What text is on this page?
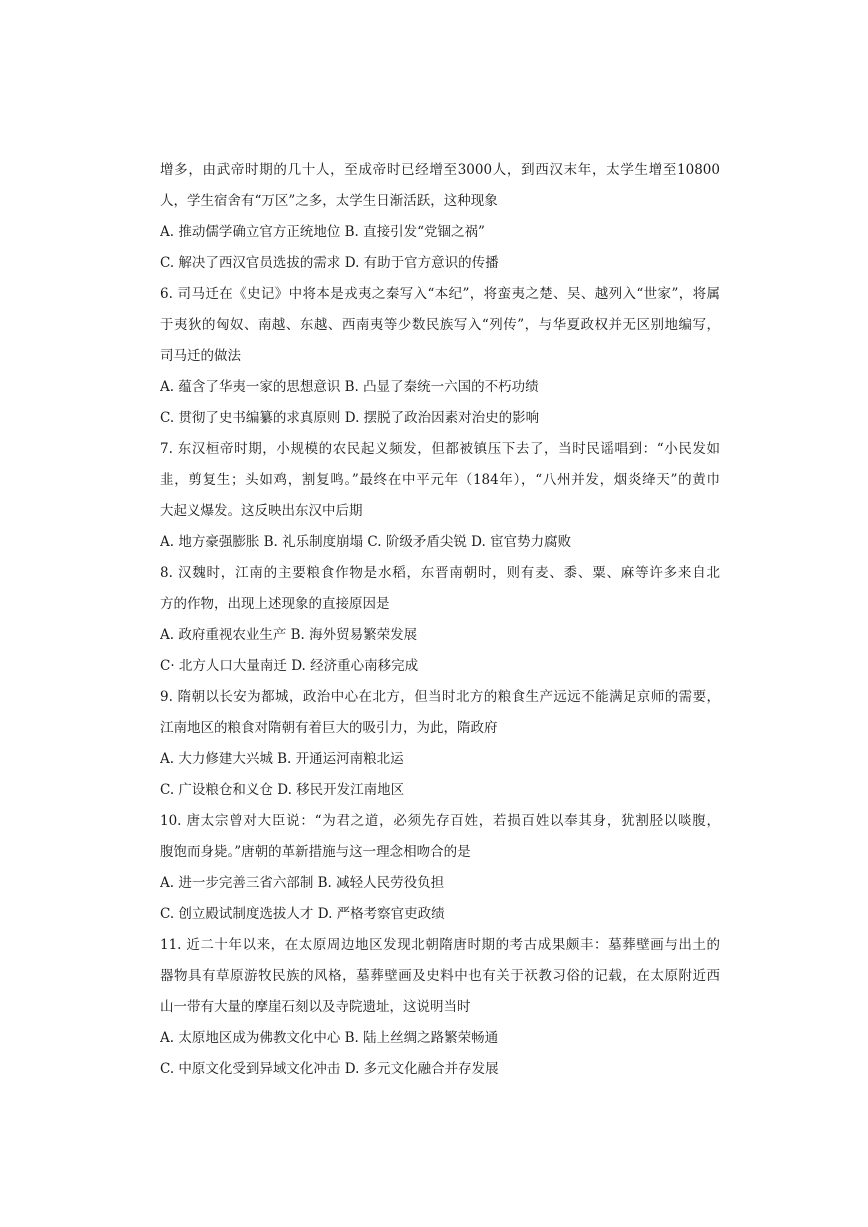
增多，由武帝时期的几十人，至成帝时已经增至3000人，到西汉末年，太学生增至10800
人，学生宿舍有“万区”之多，太学生日渐活跃，这种现象
A. 推动儒学确立官方正统地位 B. 直接引发“党锢之祸”
C. 解决了西汉官员选拔的需求 D. 有助于官方意识的传播
6. 司马迁在《史记》中将本是戎夷之秦写入“本纪”，将蛮夷之楚、吴、越列入“世家”，将属
于夷狄的匈奴、南越、东越、西南夷等少数民族写入“列传”，与华夏政权并无区别地编写，
司马迁的做法
A. 蕴含了华夷一家的思想意识 B. 凸显了秦统一六国的不朽功绩
C. 贯彻了史书编纂的求真原则 D. 摆脱了政治因素对治史的影响
7. 东汉桓帝时期，小规模的农民起义频发，但都被镇压下去了，当时民谣唱到：“小民发如
韭，剪复生；头如鸡，割复鸣。”最终在中平元年（184年），“八州并发，烟炎绛天”的黄巾
大起义爆发。这反映出东汉中后期
A. 地方豪强膨胀 B. 礼乐制度崩塌 C. 阶级矛盾尖锐 D. 宦官势力腐败
8. 汉魏时，江南的主要粮食作物是水稻，东晋南朝时，则有麦、黍、粟、麻等许多来自北
方的作物，出现上述现象的直接原因是
A. 政府重视农业生产 B. 海外贸易繁荣发展
C· 北方人口大量南迁 D. 经济重心南移完成
9. 隋朝以长安为都城，政治中心在北方，但当时北方的粮食生产远远不能满足京师的需要，
江南地区的粮食对隋朝有着巨大的吸引力，为此，隋政府
A. 大力修建大兴城 B. 开通运河南粮北运
C. 广设粮仓和义仓 D. 移民开发江南地区
10. 唐太宗曾对大臣说：“为君之道，必须先存百姓，若损百姓以奉其身，犹割胫以啖腹，
腹饱而身毙。”唐朝的革新措施与这一理念相吻合的是
A. 进一步完善三省六部制 B. 减轻人民劳役负担
C. 创立殿试制度选拔人才 D. 严格考察官吏政绩
11. 近二十年以来，在太原周边地区发现北朝隋唐时期的考古成果颇丰：墓葬壁画与出土的
器物具有草原游牧民族的风格，墓葬壁画及史料中也有关于祆教习俗的记载，在太原附近西
山一带有大量的摩崖石刻以及寺院遗址，这说明当时
A. 太原地区成为佛教文化中心 B. 陆上丝绸之路繁荣畅通
C. 中原文化受到异域文化冲击 D. 多元文化融合并存发展
